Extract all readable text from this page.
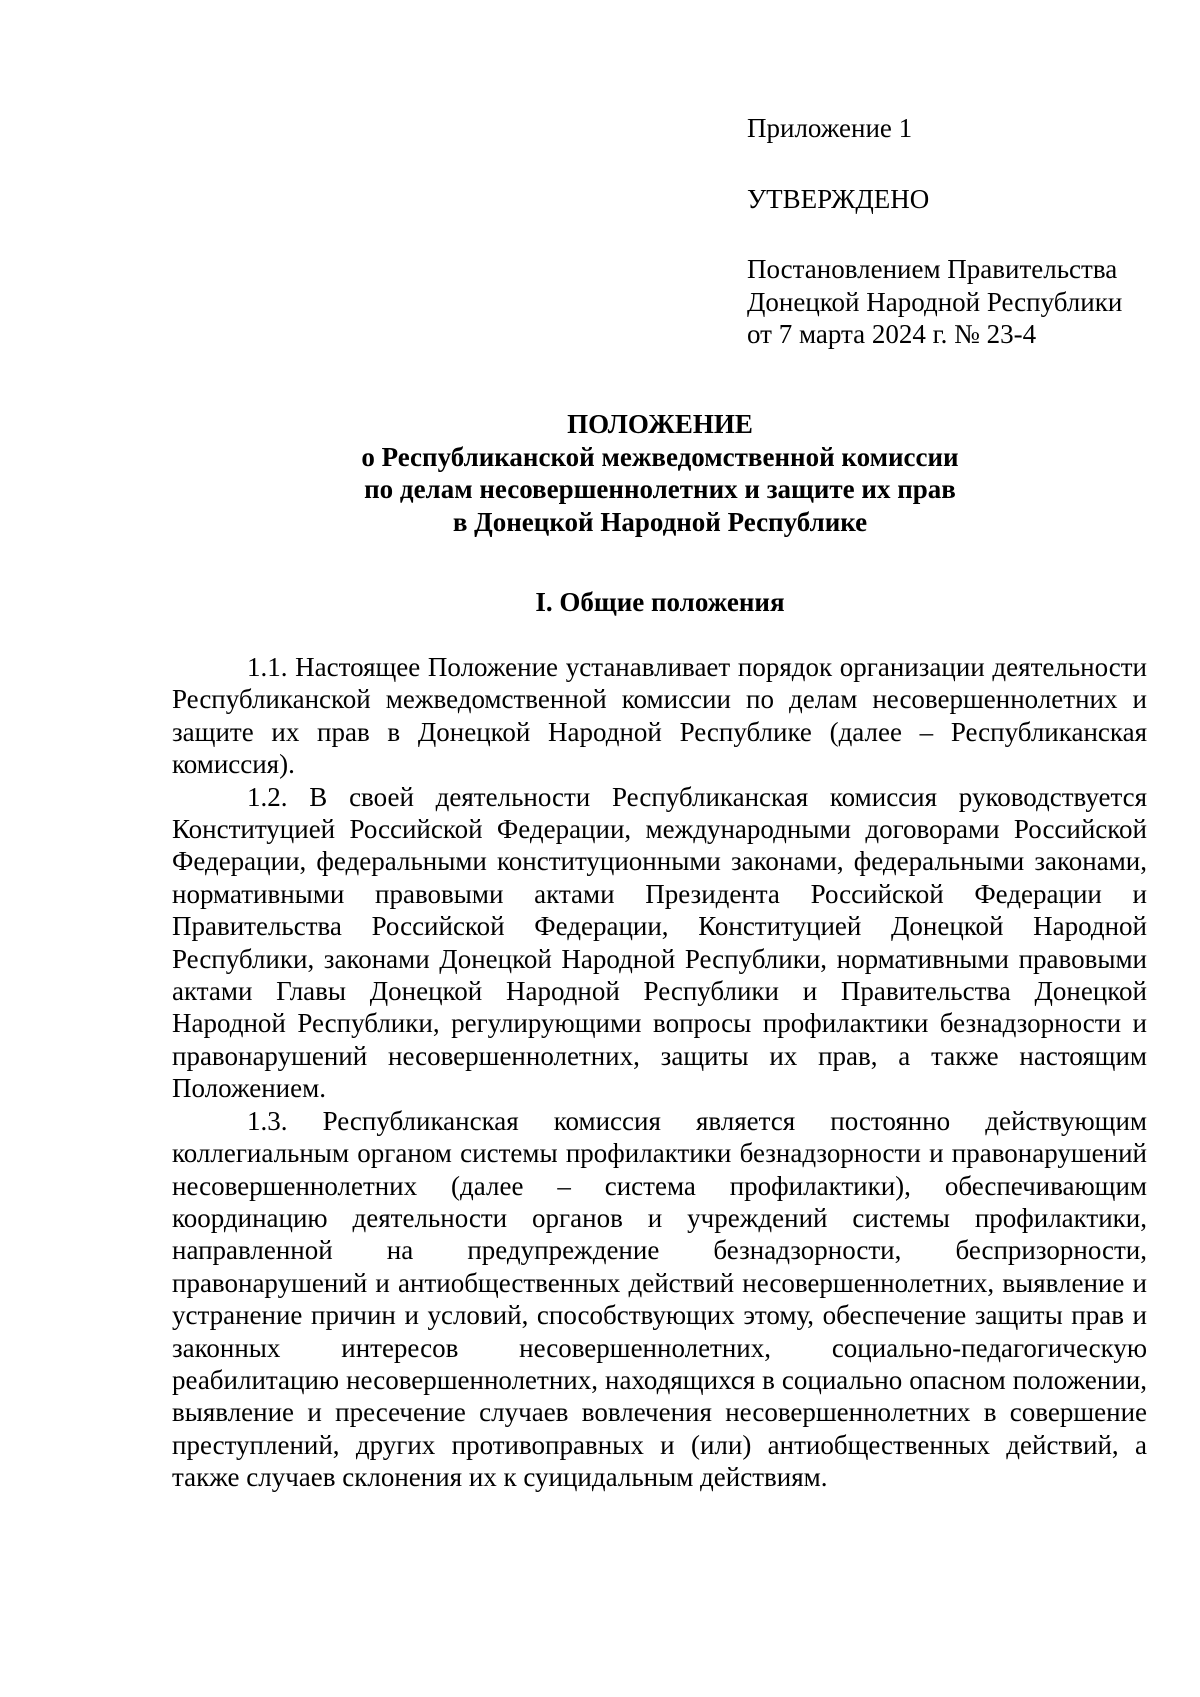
Приложение 1

УТВЕРЖДЕНО

Постановлением Правительства
Донецкой Народной Республики
от 7 марта 2024 г. № 23-4
ПОЛОЖЕНИЕ
о Республиканской межведомственной комиссии
по делам несовершеннолетних и защите их прав
в Донецкой Народной Республике
I. Общие положения

1.1. Настоящее Положение устанавливает порядок организации деятельности Республиканской межведомственной комиссии по делам несовершеннолетних и защите их прав в Донецкой Народной Республике (далее – Республиканская комиссия).

1.2. В своей деятельности Республиканская комиссия руководствуется Конституцией Российской Федерации, международными договорами Российской Федерации, федеральными конституционными законами, федеральными законами, нормативными правовыми актами Президента Российской Федерации и Правительства Российской Федерации, Конституцией Донецкой Народной Республики, законами Донецкой Народной Республики, нормативными правовыми актами Главы Донецкой Народной Республики и Правительства Донецкой Народной Республики, регулирующими вопросы профилактики безнадзорности и правонарушений несовершеннолетних, защиты их прав, а также настоящим Положением.

1.3. Республиканская комиссия является постоянно действующим коллегиальным органом системы профилактики безнадзорности и правонарушений несовершеннолетних (далее – система профилактики), обеспечивающим координацию деятельности органов и учреждений системы профилактики, направленной на предупреждение безнадзорности, беспризорности, правонарушений и антиобщественных действий несовершеннолетних, выявление и устранение причин и условий, способствующих этому, обеспечение защиты прав и законных интересов несовершеннолетних, социально-педагогическую реабилитацию несовершеннолетних, находящихся в социально опасном положении, выявление и пресечение случаев вовлечения несовершеннолетних в совершение преступлений, других противоправных и (или) антиобщественных действий, а также случаев склонения их к суицидальным действиям.
